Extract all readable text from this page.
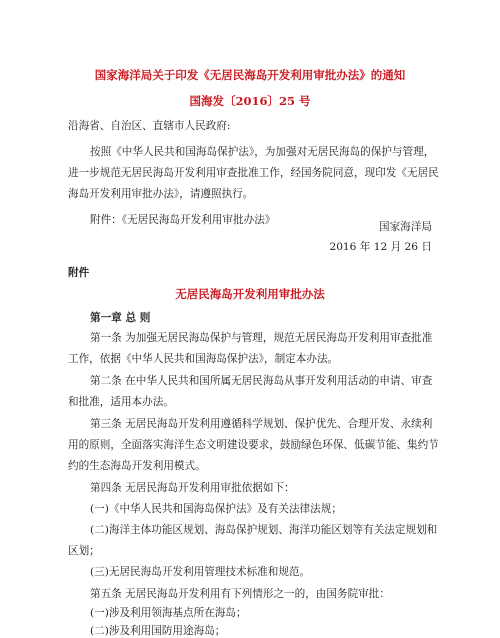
国家海洋局关于印发《无居民海岛开发利用审批办法》的通知
国海发〔2016〕25 号
沿海省、自治区、直辖市人民政府:
按照《中华人民共和国海岛保护法》，为加强对无居民海岛的保护与管理，
进一步规范无居民海岛开发利用审查批准工作，经国务院同意，现印发《无居民
海岛开发利用审批办法》，请遵照执行。
附件：《无居民海岛开发利用审批办法》
国家海洋局
2016 年 12 月 26 日
附件
无居民海岛开发利用审批办法
第一章 总 则
第一条 为加强无居民海岛保护与管理，规范无居民海岛开发利用审查批准
工作，依据《中华人民共和国海岛保护法》，制定本办法。
第二条 在中华人民共和国所属无居民海岛从事开发利用活动的申请、审查
和批准，适用本办法。
第三条 无居民海岛开发利用遵循科学规划、保护优先、合理开发、永续利
用的原则，全面落实海洋生态文明建设要求，鼓励绿色环保、低碳节能、集约节
约的生态海岛开发利用模式。
第四条 无居民海岛开发利用审批依据如下：
(一)《中华人民共和国海岛保护法》及有关法律法规；
(二)海洋主体功能区规划、海岛保护规划、海洋功能区划等有关法定规划和
区划；
(三)无居民海岛开发利用管理技术标准和规范。
第五条 无居民海岛开发利用有下列情形之一的，由国务院审批：
(一)涉及利用领海基点所在海岛；
(二)涉及利用国防用途海岛；
